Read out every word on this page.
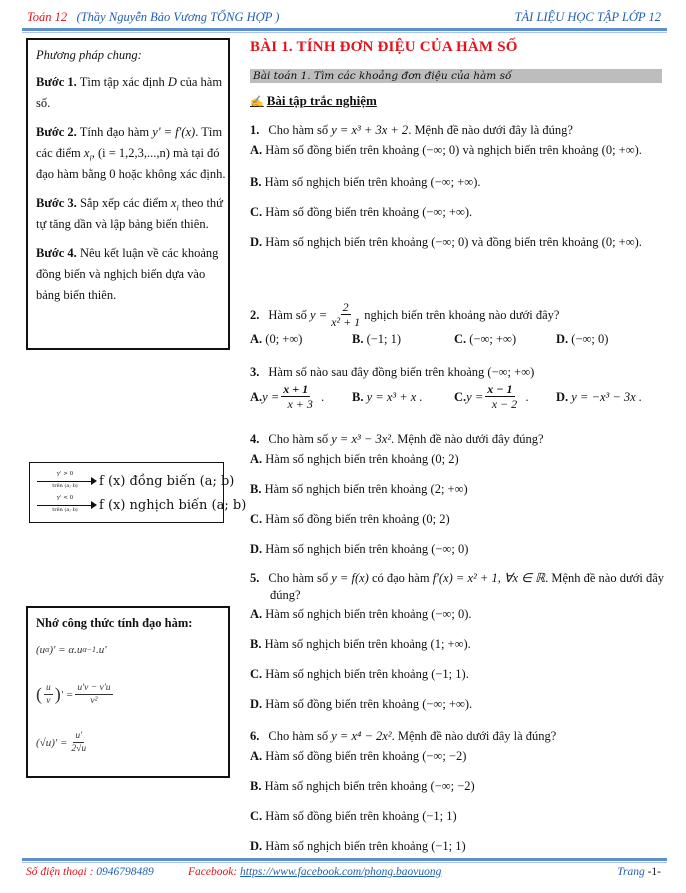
Toán 12 (Thầy Nguyễn Bảo Vương TỔNG HỢP )	TÀI LIỆU HỌC TẬP LỚP 12

Phương pháp chung:

Bước 1. Tìm tập xác định D của hàm số.

Bước 2. Tính đạo hàm y' = f'(x). Tìm các điểm $x_i$, (i = 1,2,3,...,n) mà tại đó đạo hàm bằng 0 hoặc không xác định.

Bước 3. Sắp xếp các điểm $x_i$ theo thứ tự tăng dần và lập bảng biến thiên.

Bước 4. Nêu kết luận về các khoảng đồng biến và nghịch biến dựa vào bảng biến thiên.

y' > 0
trên (a; b)	f (x) đồng biến (a; b)
y' < 0
trên (a; b)	f (x) nghịch biến (a; b)
Nhớ công thức tính đạo hàm:
(u α )' = α.u α−1 .u'
( $\frac{u}{v}$ ) ′ = $\frac{u'v - v'u}{\text{v²}}$
$(√u)' = \frac{u'}{2√u}$
BÀI 1. TÍNH ĐƠN ĐIỆU CỦA HÀM SỐ
Bài toán 1. Tìm các khoảng đơn điệu của hàm số
✍ Bài tập trắc nghiệm
1. Cho hàm số y = x³ + 3x + 2. Mệnh đề nào dưới đây là đúng?
A. Hàm số đồng biến trên khoảng (−∞; 0) và nghịch biến trên khoảng (0; +∞).
B. Hàm số nghịch biến trên khoảng (−∞; +∞).
C. Hàm số đồng biến trên khoảng (−∞; +∞).
D. Hàm số nghịch biến trên khoảng (−∞; 0) và đồng biến trên khoảng (0; +∞).
2. Hàm số
$y = \frac{2}{\text{x² + 1}}$ nghịch biến trên khoảng nào dưới đây?
A. (0; +∞)	B. (−1; 1)	C. (−∞; +∞)	D. (−∞; 0)
3. Hàm số nào sau đây đồng biến trên khoảng (−∞; +∞)
A. $y = \frac{x + 1}{x + 3}$ . B. y = x³ + x .	C. $y = \frac{x - 1}{x - 2}$ . D. y = −x³ − 3x .
4. Cho hàm số y = x³ − 3x². Mệnh đề nào dưới đây đúng?
A. Hàm số nghịch biến trên khoảng (0; 2)
B. Hàm số nghịch biến trên khoảng (2; +∞)
C. Hàm số đồng biến trên khoảng (0; 2)
D. Hàm số nghịch biến trên khoảng (−∞; 0)
5. Cho hàm số y = f(x) có đạo hàm f′(x) = x² + 1, ∀x ∈ ℝ. Mệnh đề nào dưới đây đúng?
A. Hàm số nghịch biến trên khoảng (−∞; 0).
B. Hàm số nghịch biến trên khoảng (1; +∞).
C. Hàm số nghịch biến trên khoảng (−1; 1).
D. Hàm số đồng biến trên khoảng (−∞; +∞).
6. Cho hàm số y = x⁴ − 2x². Mệnh đề nào dưới đây là đúng?
A. Hàm số đồng biến trên khoảng (−∞; −2)
B. Hàm số nghịch biến trên khoảng (−∞; −2)
C. Hàm số đồng biến trên khoảng (−1; 1)
D. Hàm số nghịch biến trên khoảng (−1; 1)
Số điện thoại : 0946798489	Facebook: https://www.facebook.com/phong.baovuong	Trang -1-
